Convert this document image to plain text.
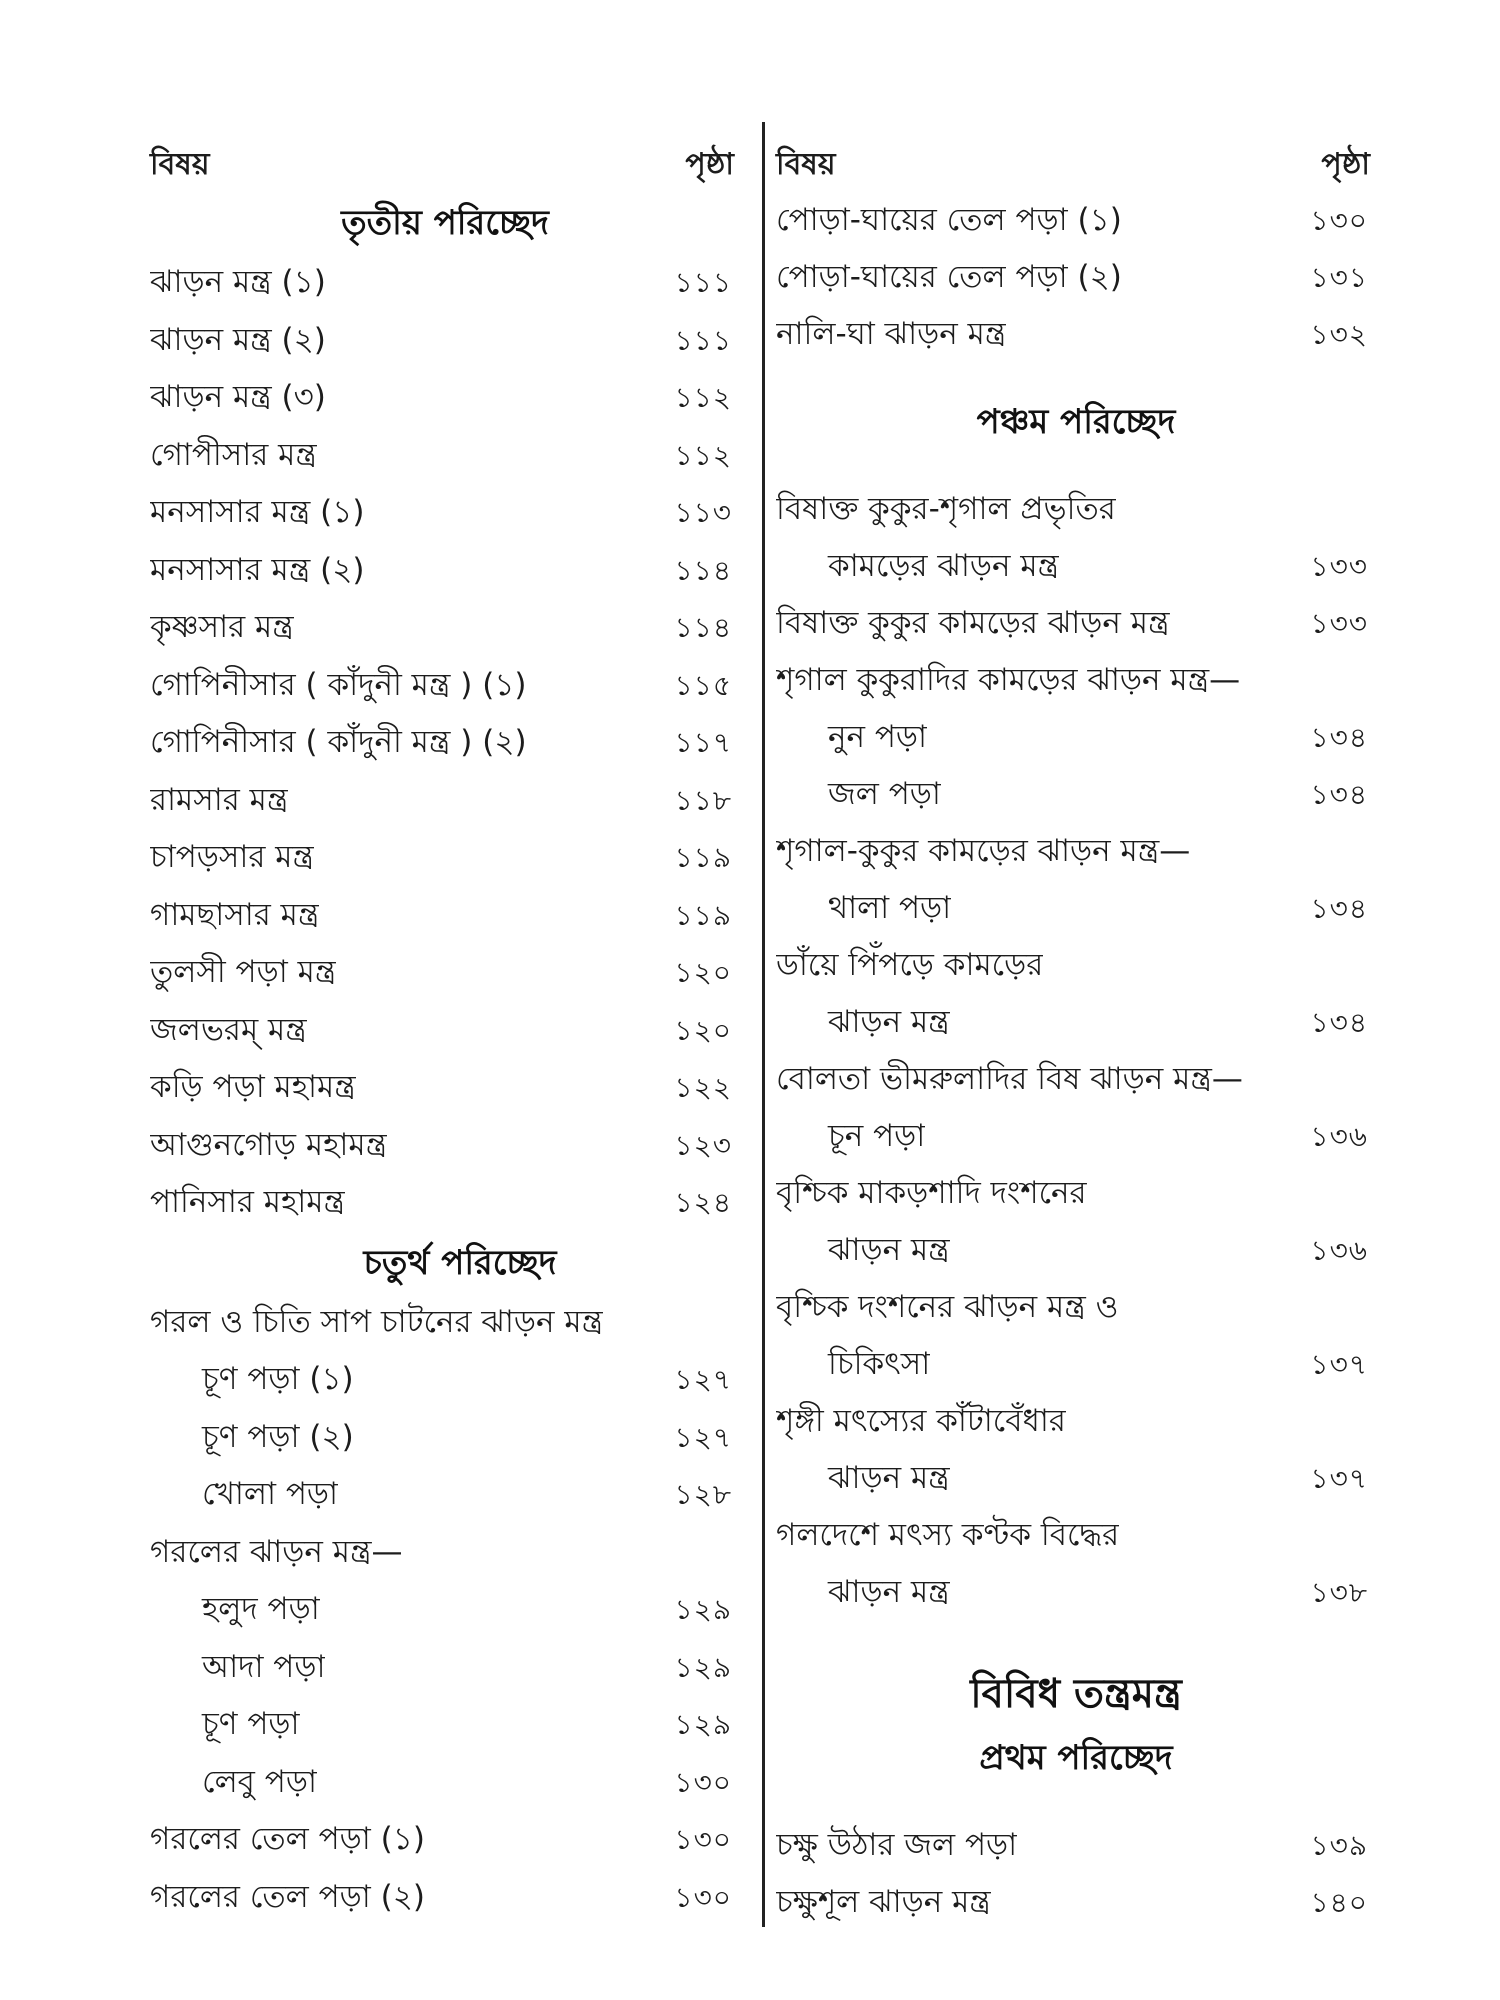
বিষয়	পৃষ্ঠা
তৃতীয় পরিচ্ছেদ
ঝাড়ন মন্ত্র (১)	১১১
ঝাড়ন মন্ত্র (২)	১১১
ঝাড়ন মন্ত্র (৩)	১১২
গোপীসার মন্ত্র	১১২
মনসাসার মন্ত্র (১)	১১৩
মনসাসার মন্ত্র (২)	১১৪
কৃষ্ণসার মন্ত্র	১১৪
গোপিনীসার ( কাঁদুনী মন্ত্র ) (১)	১১৫
গোপিনীসার ( কাঁদুনী মন্ত্র ) (২)	১১৭
রামসার মন্ত্র	১১৮
চাপড়সার মন্ত্র	১১৯
গামছাসার মন্ত্র	১১৯
তুলসী পড়া মন্ত্র	১২০
জলভরম্ মন্ত্র	১২০
কড়ি পড়া মহামন্ত্র	১২২
আগুনগোড় মহামন্ত্র	১২৩
পানিসার মহামন্ত্র	১২৪
চতুর্থ পরিচ্ছেদ
গরল ও চিতি সাপ চাটনের ঝাড়ন মন্ত্র
চূণ পড়া (১)	১২৭
চূণ পড়া (২)	১২৭
খোলা পড়া	১২৮
গরলের ঝাড়ন মন্ত্র—
হলুদ পড়া	১২৯
আদা পড়া	১২৯
চূণ পড়া	১২৯
লেবু পড়া	১৩০
গরলের তেল পড়া (১)	১৩০
গরলের তেল পড়া (২)	১৩০
বিষয়	পৃষ্ঠা
পোড়া-ঘায়ের তেল পড়া (১)	১৩০
পোড়া-ঘায়ের তেল পড়া (২)	১৩১
নালি-ঘা ঝাড়ন মন্ত্র	১৩২
পঞ্চম পরিচ্ছেদ
বিষাক্ত কুকুর-শৃগাল প্রভৃতির
কামড়ের ঝাড়ন মন্ত্র	১৩৩
বিষাক্ত কুকুর কামড়ের ঝাড়ন মন্ত্র	১৩৩
শৃগাল কুকুরাদির কামড়ের ঝাড়ন মন্ত্র—
নুন পড়া	১৩৪
জল পড়া	১৩৪
শৃগাল-কুকুর কামড়ের ঝাড়ন মন্ত্র—
থালা পড়া	১৩৪
ডাঁয়ে পিঁপড়ে কামড়ের
ঝাড়ন মন্ত্র	১৩৪
বোলতা ভীমরুলাদির বিষ ঝাড়ন মন্ত্র—
চূন পড়া	১৩৬
বৃশ্চিক মাকড়শাদি দংশনের
ঝাড়ন মন্ত্র	১৩৬
বৃশ্চিক দংশনের ঝাড়ন মন্ত্র ও
চিকিৎসা	১৩৭
শৃঙ্গী মৎস্যের কাঁটাবেঁধার
ঝাড়ন মন্ত্র	১৩৭
গলদেশে মৎস্য কণ্টক বিদ্ধের
ঝাড়ন মন্ত্র	১৩৮
বিবিধ তন্ত্রমন্ত্র
প্রথম পরিচ্ছেদ
চক্ষু উঠার জল পড়া	১৩৯
চক্ষুশূল ঝাড়ন মন্ত্র	১৪০
